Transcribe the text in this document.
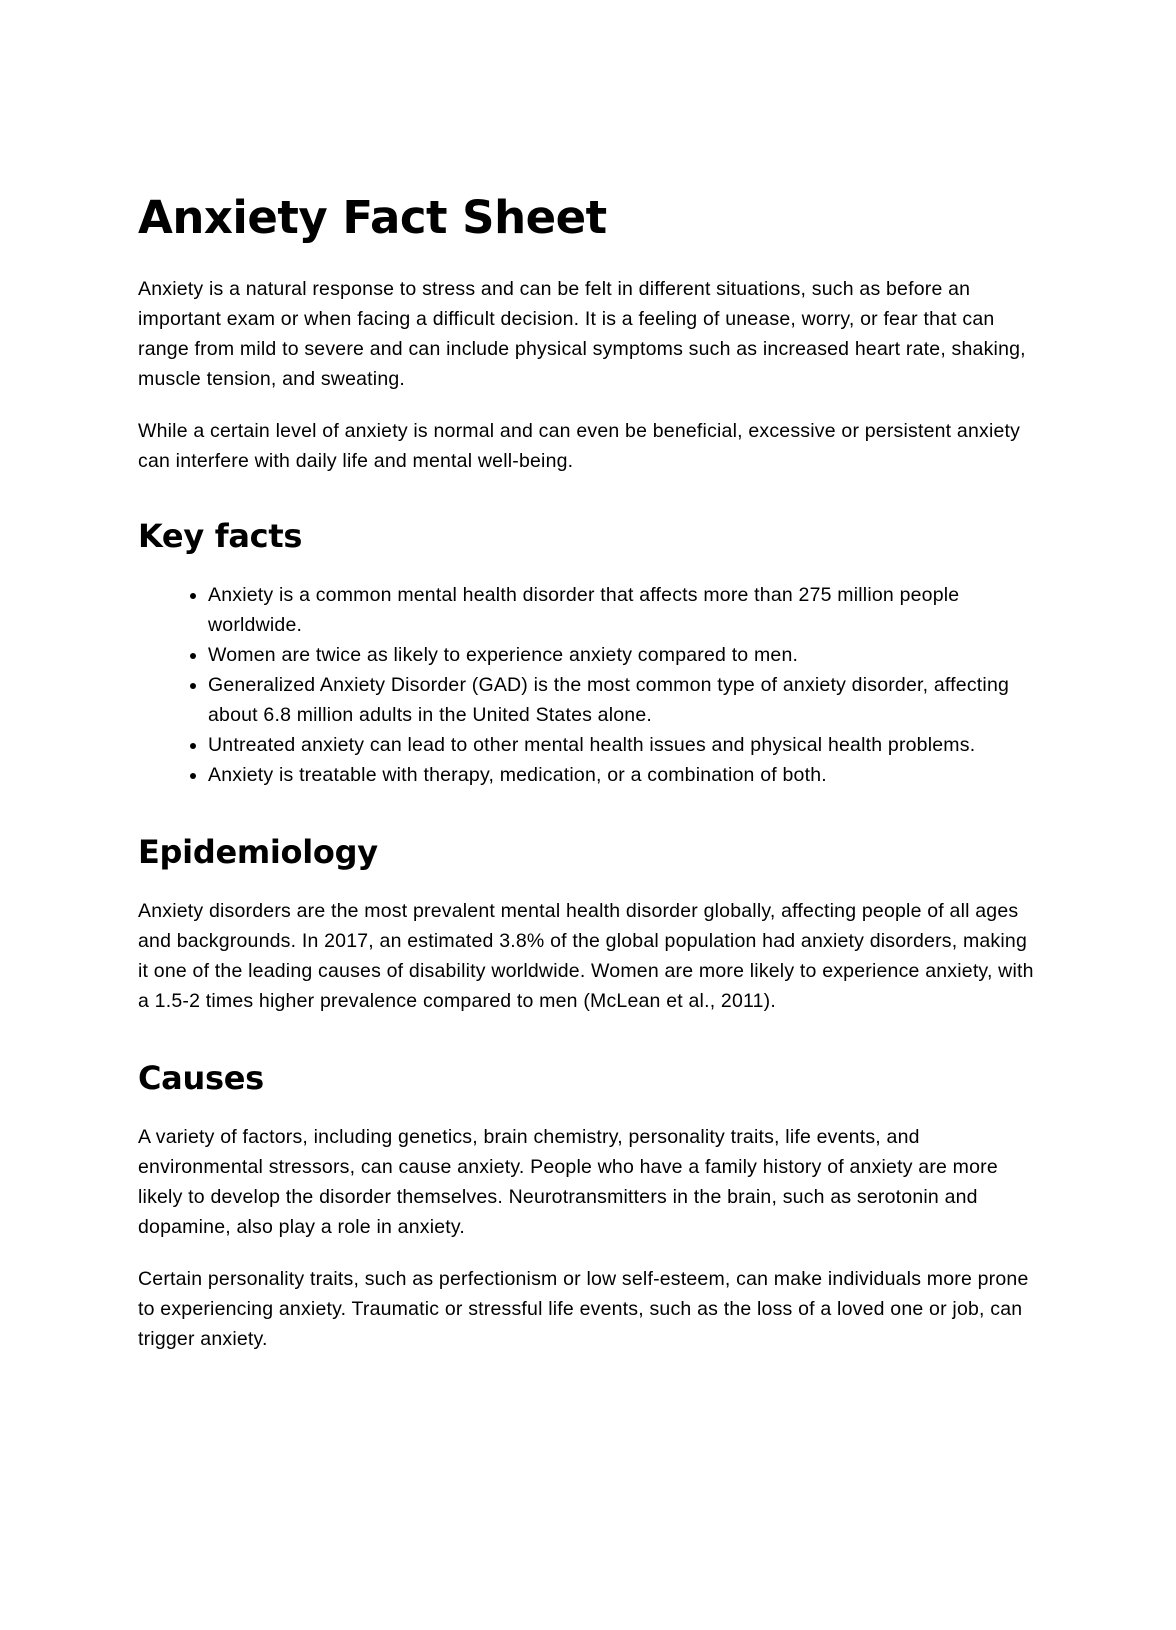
Anxiety Fact Sheet

Anxiety is a natural response to stress and can be felt in different situations, such as before an important exam or when facing a difficult decision. It is a feeling of unease, worry, or fear that can range from mild to severe and can include physical symptoms such as increased heart rate, shaking, muscle tension, and sweating.

While a certain level of anxiety is normal and can even be beneficial, excessive or persistent anxiety can interfere with daily life and mental well-being.

Key facts
• Anxiety is a common mental health disorder that affects more than 275 million people worldwide.
• Women are twice as likely to experience anxiety compared to men.
• Generalized Anxiety Disorder (GAD) is the most common type of anxiety disorder, affecting about 6.8 million adults in the United States alone.
• Untreated anxiety can lead to other mental health issues and physical health problems.
• Anxiety is treatable with therapy, medication, or a combination of both.
Epidemiology

Anxiety disorders are the most prevalent mental health disorder globally, affecting people of all ages and backgrounds. In 2017, an estimated 3.8% of the global population had anxiety disorders, making it one of the leading causes of disability worldwide. Women are more likely to experience anxiety, with a 1.5-2 times higher prevalence compared to men (McLean et al., 2011).

Causes

A variety of factors, including genetics, brain chemistry, personality traits, life events, and environmental stressors, can cause anxiety. People who have a family history of anxiety are more likely to develop the disorder themselves. Neurotransmitters in the brain, such as serotonin and dopamine, also play a role in anxiety.

Certain personality traits, such as perfectionism or low self-esteem, can make individuals more prone to experiencing anxiety. Traumatic or stressful life events, such as the loss of a loved one or job, can trigger anxiety.
